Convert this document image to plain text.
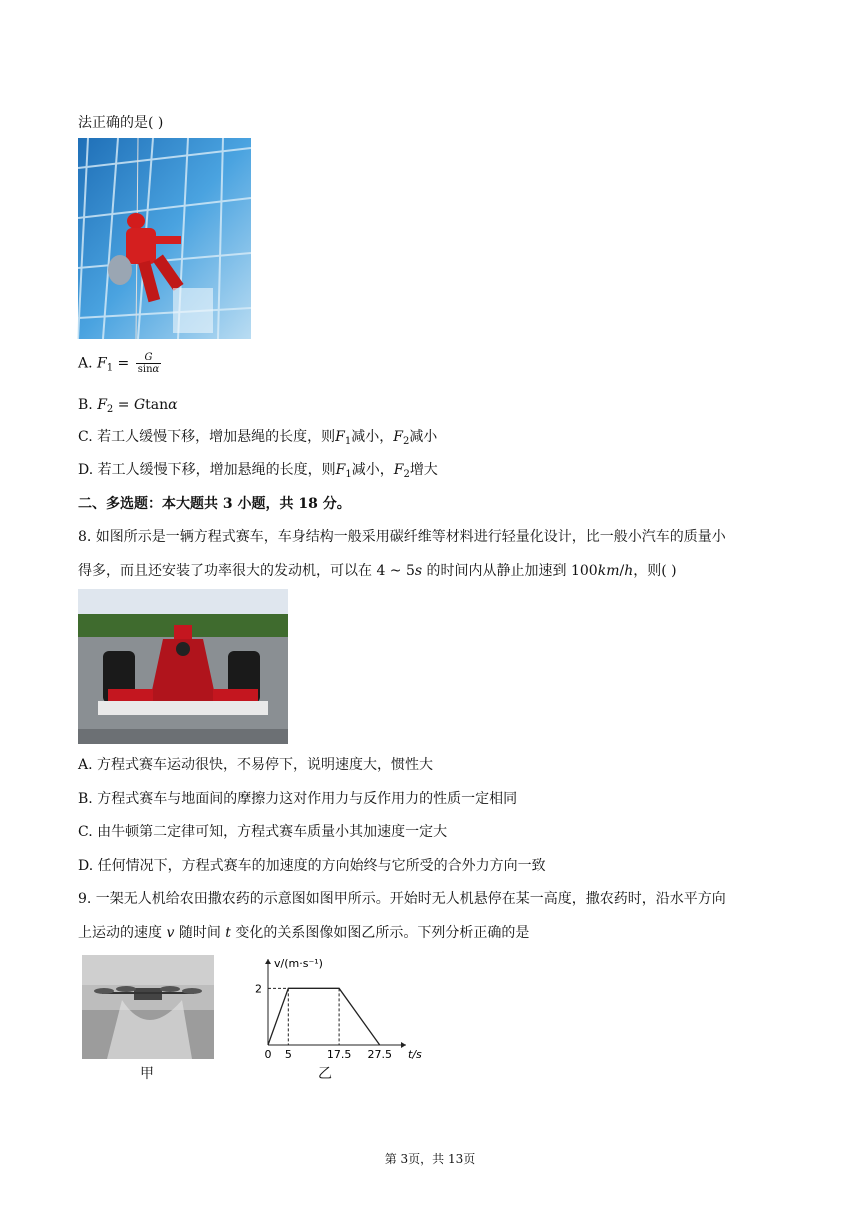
法正确的是( )
A. $F_1 = \frac{G}{\sin\alpha}$
B. $F_2 = Gtan\alpha$
C. 若工人缓慢下移，增加悬绳的长度，则$F_1$减小，$F_2$减小
D. 若工人缓慢下移，增加悬绳的长度，则$F_1$减小，$F_2$增大
二、多选题：本大题共 3 小题，共 18 分。
8. 如图所示是一辆方程式赛车，车身结构一般采用碳纤维等材料进行轻量化设计，比一般小汽车的质量小
得多，而且还安装了功率很大的发动机，可以在 4 ~ 5s 的时间内从静止加速到 100km/h，则( )
A. 方程式赛车运动很快，不易停下，说明速度大，惯性大
B. 方程式赛车与地面间的摩擦力这对作用力与反作用力的性质一定相同
C. 由牛顿第二定律可知，方程式赛车质量小其加速度一定大
D. 任何情况下，方程式赛车的加速度的方向始终与它所受的合外力方向一致
9. 一架无人机给农田撒农药的示意图如图甲所示。开始时无人机悬停在某一高度，撒农药时，沿水平方向
上运动的速度 v 随时间 t 变化的关系图像如图乙所示。下列分析正确的是
甲
0 5	17.5 27.5
2
t/s
v/(m·s⁻¹)
乙
第 3页，共 13页
